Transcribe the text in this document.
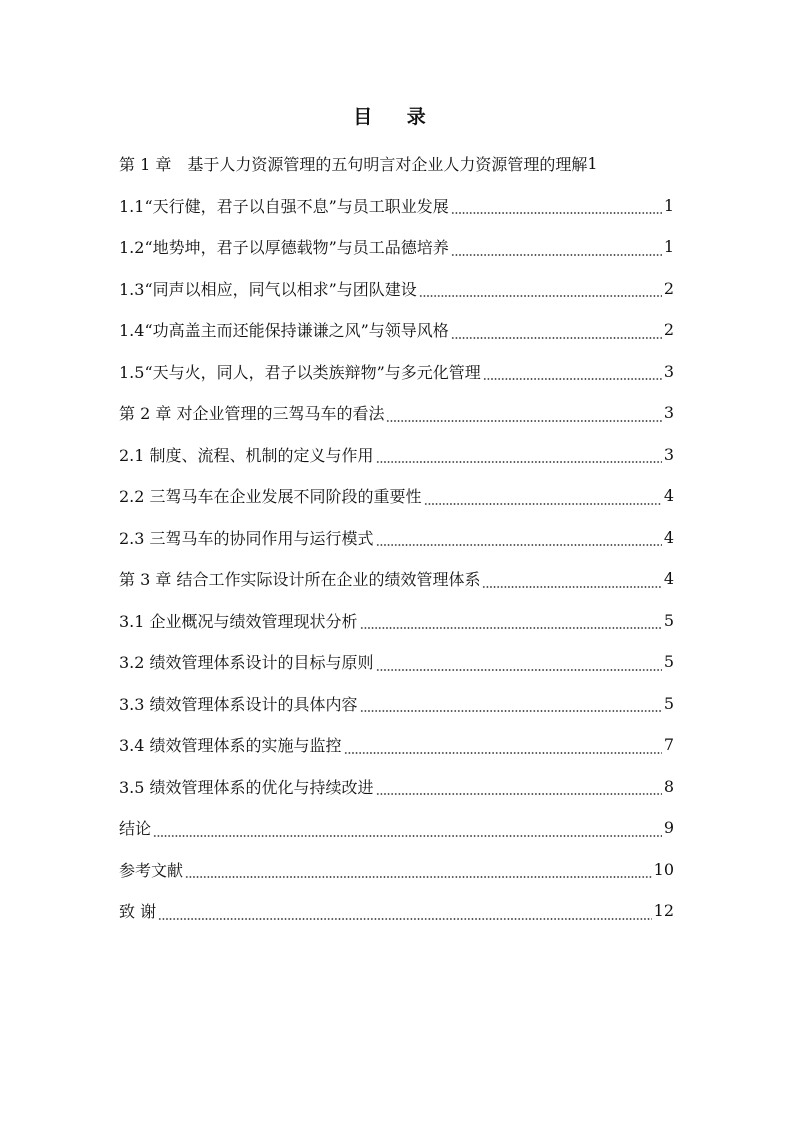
目 录
第 1 章　基于人力资源管理的五句明言对企业人力资源管理的理解 1
1.1“天行健，君子以自强不息”与员工职业发展	1
1.2“地势坤，君子以厚德载物”与员工品德培养	1
1.3“同声以相应，同气以相求”与团队建设	2
1.4“功高盖主而还能保持谦谦之风”与领导风格	2
1.5“天与火，同人，君子以类族辩物”与多元化管理	3
第 2 章 对企业管理的三驾马车的看法	3
2.1 制度、流程、机制的定义与作用	3
2.2 三驾马车在企业发展不同阶段的重要性	4
2.3 三驾马车的协同作用与运行模式	4
第 3 章 结合工作实际设计所在企业的绩效管理体系	4
3.1 企业概况与绩效管理现状分析	5
3.2 绩效管理体系设计的目标与原则	5
3.3 绩效管理体系设计的具体内容	5
3.4 绩效管理体系的实施与监控	7
3.5 绩效管理体系的优化与持续改进	8
结论	9
参考文献	10
致 谢	12
